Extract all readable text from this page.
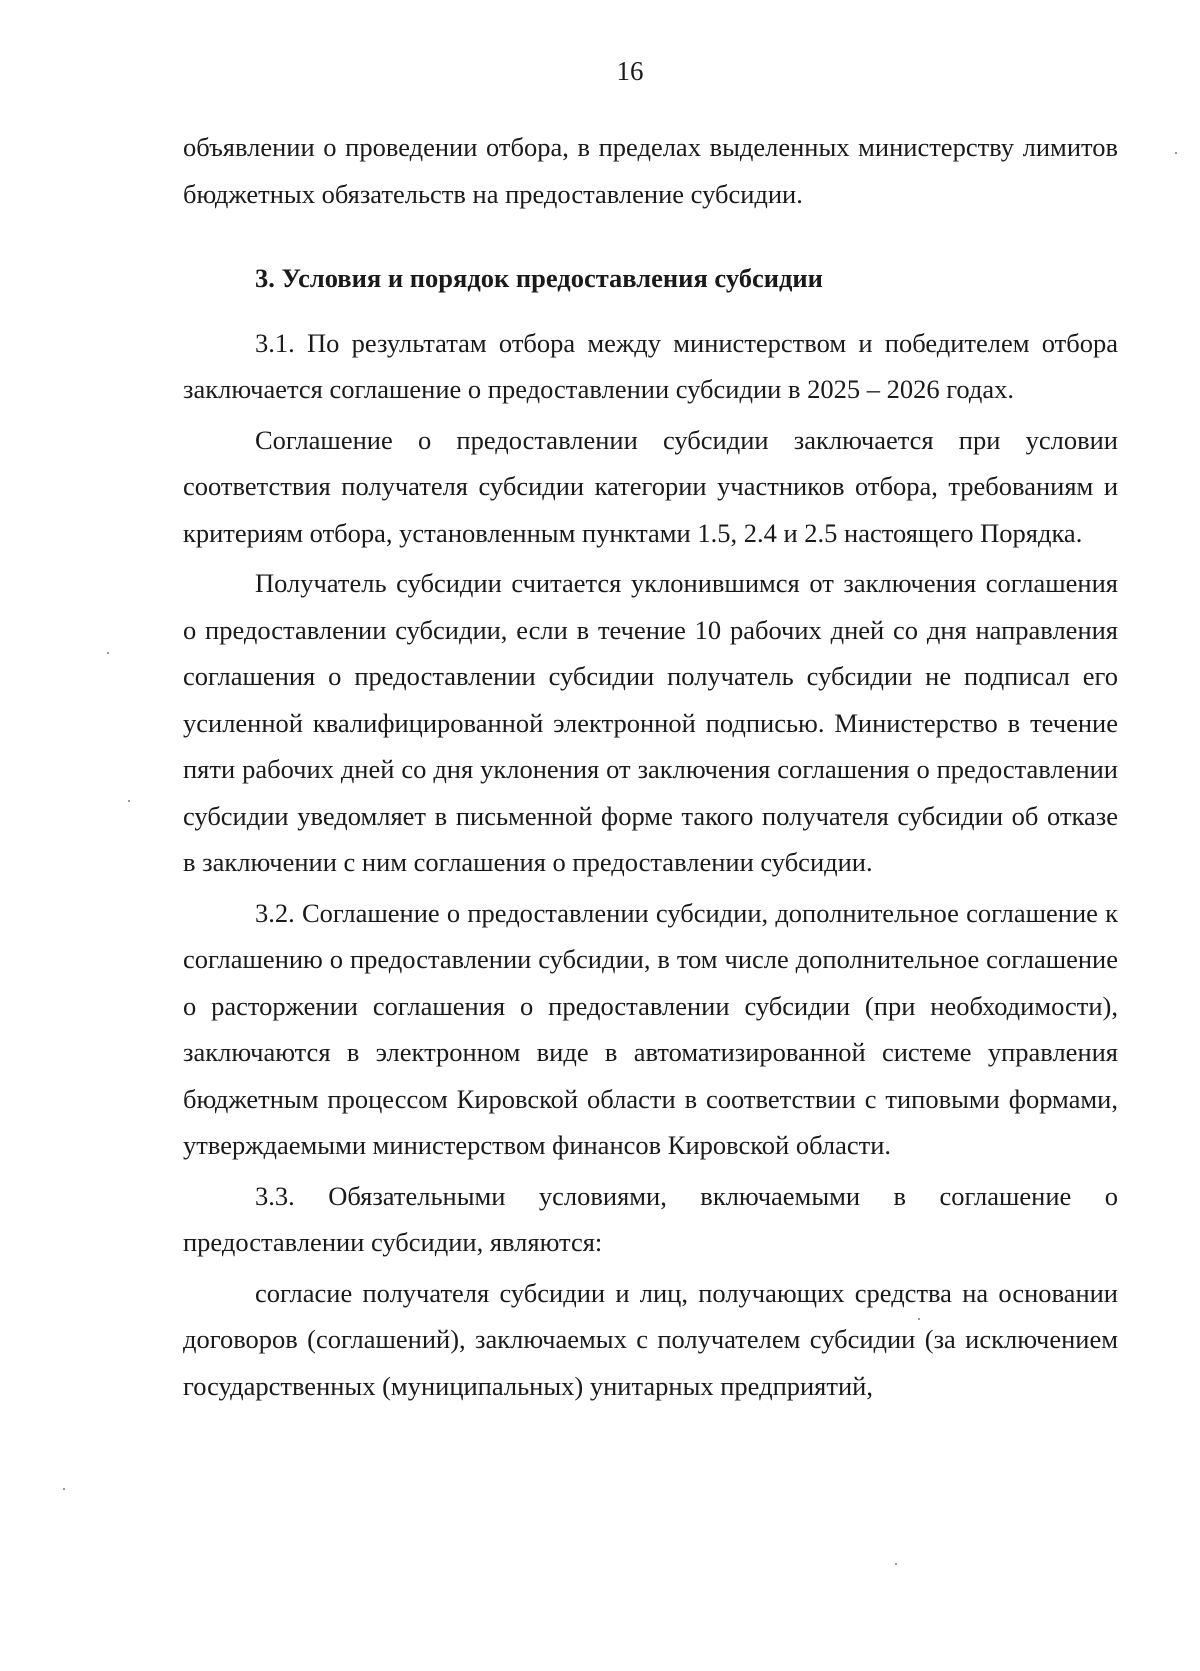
16

объявлении о проведении отбора, в пределах выделенных министерству лимитов бюджетных обязательств на предоставление субсидии.

3. Условия и порядок предоставления субсидии

3.1. По результатам отбора между министерством и победителем отбора заключается соглашение о предоставлении субсидии в 2025 – 2026 годах.

Соглашение о предоставлении субсидии заключается при условии соответствия получателя субсидии категории участников отбора, требованиям и критериям отбора, установленным пунктами 1.5, 2.4 и 2.5 настоящего Порядка.

Получатель субсидии считается уклонившимся от заключения соглашения о предоставлении субсидии, если в течение 10 рабочих дней со дня направления соглашения о предоставлении субсидии получатель субсидии не подписал его усиленной квалифицированной электронной подписью. Министерство в течение пяти рабочих дней со дня уклонения от заключения соглашения о предоставлении субсидии уведомляет в письменной форме такого получателя субсидии об отказе в заключении с ним соглашения о предоставлении субсидии.

3.2. Соглашение о предоставлении субсидии, дополнительное соглашение к соглашению о предоставлении субсидии, в том числе дополнительное соглашение о расторжении соглашения о предоставлении субсидии (при необходимости), заключаются в электронном виде в автоматизированной системе управления бюджетным процессом Кировской области в соответствии с типовыми формами, утверждаемыми министерством финансов Кировской области.

3.3. Обязательными условиями, включаемыми в соглашение о предоставлении субсидии, являются:

согласие получателя субсидии и лиц, получающих средства на основании договоров (соглашений), заключаемых с получателем субсидии (за исключением государственных (муниципальных) унитарных предприятий,
